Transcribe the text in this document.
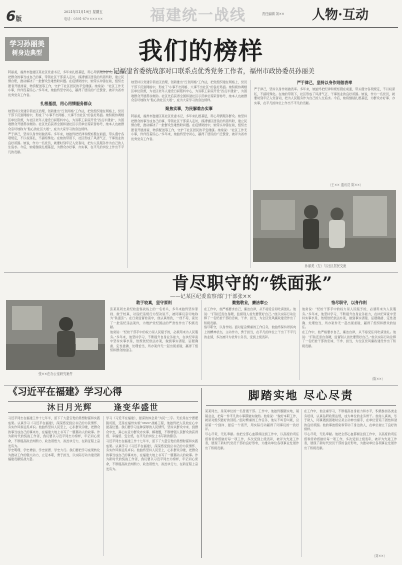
6版
2021年11月19日 星期五
电话：0591-87××××××	福建统一战线	责任编辑 刘×× 人物·互动
学习孙丽美
树身边典型	我们的榜样
——记福建省委统战部对口联系点优秀党务工作者，福州市政协委员孙丽美

阿丽美，福州市鼓楼区某社区党委书记，多年来扎根基层，用心用情服务群众。她坚持把群众的事当成自己的事，带领社区干部深入走访，摸清辖区居民的所思所盼，建立民情台账，推动解决了一批群众急难愁盼问题。在疫情防控中，她带头冲锋在前，组织志愿者开展排查、物资配送等工作，守护了社区居民的平安健康。她常说：“社区工作无小事，件件连着民心。”多年来，她始终坚守初心，赢得了居民的广泛赞誉，被评为省市优秀党务工作者。

扎根基层，用心用情服务群众

她坚持以党建引领社区治理，创新推出“红色网格”工作法，把党组织建在网格上，党员干部下沉到网格中，形成了“小事不出网格、大事不出社区”的良好局面。她积极协调辖区单位资源，为社区老年人建设日间照料中心，为双职工家庭开设“四点半课堂”，为困难群众开展帮扶救助。社区先后获得全国和谐社区示范单位等荣誉称号，她本人也被群众亲切地称为“贴心的社区大姐”，成为大家学习的身边榜样。

严于律己，坚持以身作则做表率。多年来，她始终把纪律和规矩挺在前面，带头遵守各项规定，不以权谋私，不搞特殊化。在她的带领下，社区形成了风清气正、干事创业的良好氛围。她说，作为一名党员，就要时刻牢记入党誓词，把为人民服务作为自己的人生追求。今后，她将继续扎根基层，为群众办好事、办实事，在平凡的岗位上作出不平凡的贡献。

她坚持以党建引领社区治理，创新推出“红色网格”工作法，把党组织建在网格上，党员干部下沉到网格中，形成了“小事不出网格、大事不出社区”的良好局面。她积极协调辖区单位资源，为社区老年人建设日间照料中心，为双职工家庭开设“四点半课堂”，为困难群众开展帮扶救助。社区先后获得全国和谐社区示范单位等荣誉称号，她本人也被群众亲切地称为“贴心的社区大姐”，成为大家学习的身边榜样。

聚焦实事，为民解难办实事

阿丽美，福州市鼓楼区某社区党委书记，多年来扎根基层，用心用情服务群众。她坚持把群众的事当成自己的事，带领社区干部深入走访，摸清辖区居民的所思所盼，建立民情台账，推动解决了一批群众急难愁盼问题。在疫情防控中，她带头冲锋在前，组织志愿者开展排查、物资配送等工作，守护了社区居民的平安健康。她常说：“社区工作无小事，件件连着民心。”多年来，她始终坚守初心，赢得了居民的广泛赞誉，被评为省市优秀党务工作者。

严于律己，坚持以身作则做表率

严于律己，坚持以身作则做表率。多年来，她始终把纪律和规矩挺在前面，带头遵守各项规定，不以权谋私，不搞特殊化。在她的带领下，社区形成了风清气正、干事创业的良好氛围。她说，作为一名党员，就要时刻牢记入党誓词，把为人民服务作为自己的人生追求。今后，她将继续扎根基层，为群众办好事、办实事，在平凡的岗位上作出不平凡的贡献。

（王×× 通讯员 陈××）
孙丽美（左）与社区居民交流
肯尽职守的“铁面张”
——记某区纪委监察部门干部张××
张××在办公室研究案件
敢于较真，坚守原则

张某某同志是纪检监察战线上的一名老兵，多年来始终坚持原则、敢于较真，对违纪违规行为坚决说不，被同事们亲切地称为“铁面张”。在日常监督检查中，他认真细致，一丝不苟，查处了一批违纪违法案件，为维护党纪国法的严肃性作出了积极贡献。

他常说：“纪检干部手中的权力是人民赋予的，必须用来为人民服务。”多年来，他坚持学习，不断提升自身业务能力，在执纪审查中坚持实事求是，依规依纪依法办案，做到事实清楚、证据确凿、定性准确、处理恰当，所办案件无一起出现差错，赢得了组织和群众的信任。

勤勉敬业，廉洁奉公

在工作中，他严格要求自己，廉洁自律，从不接受任何吃请送礼。他说：“打铁还需自身硬，监督别人首先要管好自己。”他以实际行动诠释了一名纪检干部的忠诚、干净、担当，为全区党风廉政建设作出了积极贡献。

恪尽职守，以身作则。面对复杂繁重的工作任务，他始终保持昂扬向上的精神状态，主动作为，勇于担当，在平凡的岗位上干出了不平凡的业绩，多次被评为优秀公务员，受到上级表彰。

恪尽职守，以身作则

他常说：“纪检干部手中的权力是人民赋予的，必须用来为人民服务。”多年来，他坚持学习，不断提升自身业务能力，在执纪审查中坚持实事求是，依规依纪依法办案，做到事实清楚、证据确凿、定性准确、处理恰当，所办案件无一起出现差错，赢得了组织和群众的信任。

在工作中，他严格要求自己，廉洁自律，从不接受任何吃请送礼。他说：“打铁还需自身硬，监督别人首先要管好自己。”他以实际行动诠释了一名纪检干部的忠诚、干净、担当，为全区党风廉政建设作出了积极贡献。

（陈××）
《习近平在福建》学习心得
沐日月光辉	逢变华盛世

习近平同志在福建工作十七年半，留下了大量宝贵的思想财富和实践成果。认真学习《习近平在福建》，深深感受到总书记的为民情怀、务实作风和远见卓识。他始终坚持人民至上，心系群众冷暖，把群众的事当成自己的事来办，在福建大地上书写了一篇篇动人的故事。作为新时代的统战工作者，我们要以习近平同志为榜样，牢记初心使命，不断提高政治判断力、政治领悟力、政治执行力，在新征程上奋发有为。

学史明理、学史增信、学史崇德、学史力行。我们要把学习成果转化为推动工作的强大动力，立足本职，勇于担当，以实际行动为建设新福建贡献统战力量。

学习《习近平在福建》，最深的体会是“为民”二字。无论是在宁德摆脱贫困，还是在福州实施“3820”战略工程，他始终把人民放在心中最高位置。我们要学习这种深厚的人民情怀，坚持从群众中来、到群众中去，真心实意为群众办实事、解难题，不断增强人民群众的获得感、幸福感、安全感，在平凡的岗位上书写新的篇章。

习近平同志在福建工作十七年半，留下了大量宝贵的思想财富和实践成果。认真学习《习近平在福建》，深深感受到总书记的为民情怀、务实作风和远见卓识。他始终坚持人民至上，心系群众冷暖，把群众的事当成自己的事来办，在福建大地上书写了一篇篇动人的故事。作为新时代的统战工作者，我们要以习近平同志为榜样，牢记初心使命，不断提高政治判断力、政治领悟力、政治执行力，在新征程上奋发有为。

脚踏实地 尽心尽责

某某同志，是某单位的一名普通干部。工作中，他始终脚踏实地，兢兢业业，把每一件平凡的小事都做实做细。他常说：“做好本职工作，就是对组织最好的回报。”面对繁重的工作任务，他从不叫苦叫累，总是第一个到岗、最后一个离开，用实际行动赢得了同事们的一致好评。

尽心尽责，无私奉献。他把全部心血都倾注到工作中，以高度的责任感和使命感做好每一项工作，多次受到上级表彰，被评为先进工作者，展现了新时代党员干部的良好形象，为推动单位各项事业发展作出了积极贡献。

在工作中，他注重学习，不断提高自身能力和水平，积极参加各类业务培训，认真钻研政策法规，成为单位的业务骨干。他待人真诚，乐于助人，同事遇到困难时总是主动伸出援手，在单位营造了团结和谐的良好氛围。他的事迹感染和带动了身边的人，在单位树立了良好的榜样。

尽心尽责，无私奉献。他把全部心血都倾注到工作中，以高度的责任感和使命感做好每一项工作，多次受到上级表彰，被评为先进工作者，展现了新时代党员干部的良好形象，为推动单位各项事业发展作出了积极贡献。

（刘××）
